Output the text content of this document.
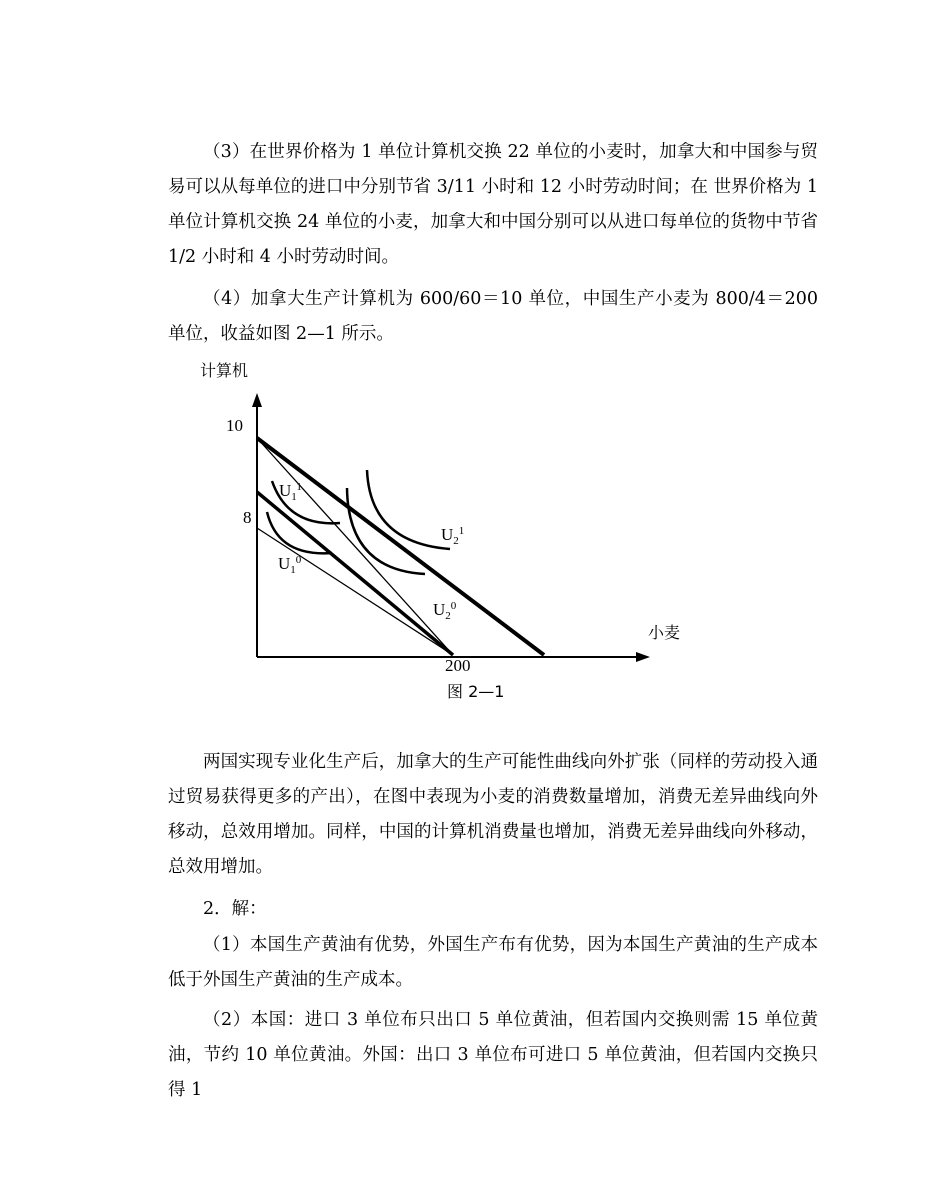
（3）在世界价格为 1 单位计算机交换 22 单位的小麦时，加拿大和中国参与贸易可以从每单位的进口中分别节省 3/11 小时和 12 小时劳动时间；在 世界价格为 1 单位计算机交换 24 单位的小麦，加拿大和中国分别可以从进口每单位的货物中节省 1/2 小时和 4 小时劳动时间。

（4）加拿大生产计算机为 600/60＝10 单位，中国生产小麦为 800/4＝200 单位，收益如图 2—1 所示。

计算机
小麦
10
8
200
$U_1^1$
$U_2^1$
$U_1^0$
$U_2^0$
图 2—1

两国实现专业化生产后，加拿大的生产可能性曲线向外扩张（同样的劳动投入通过贸易获得更多的产出），在图中表现为小麦的消费数量增加，消费无差异曲线向外移动，总效用增加。同样，中国的计算机消费量也增加，消费无差异曲线向外移动，总效用增加。

2．解：

（1）本国生产黄油有优势，外国生产布有优势，因为本国生产黄油的生产成本低于外国生产黄油的生产成本。

（2）本国：进口 3 单位布只出口 5 单位黄油，但若国内交换则需 15 单位黄油，节约 10 单位黄油。外国：出口 3 单位布可进口 5 单位黄油，但若国内交换只得 1
